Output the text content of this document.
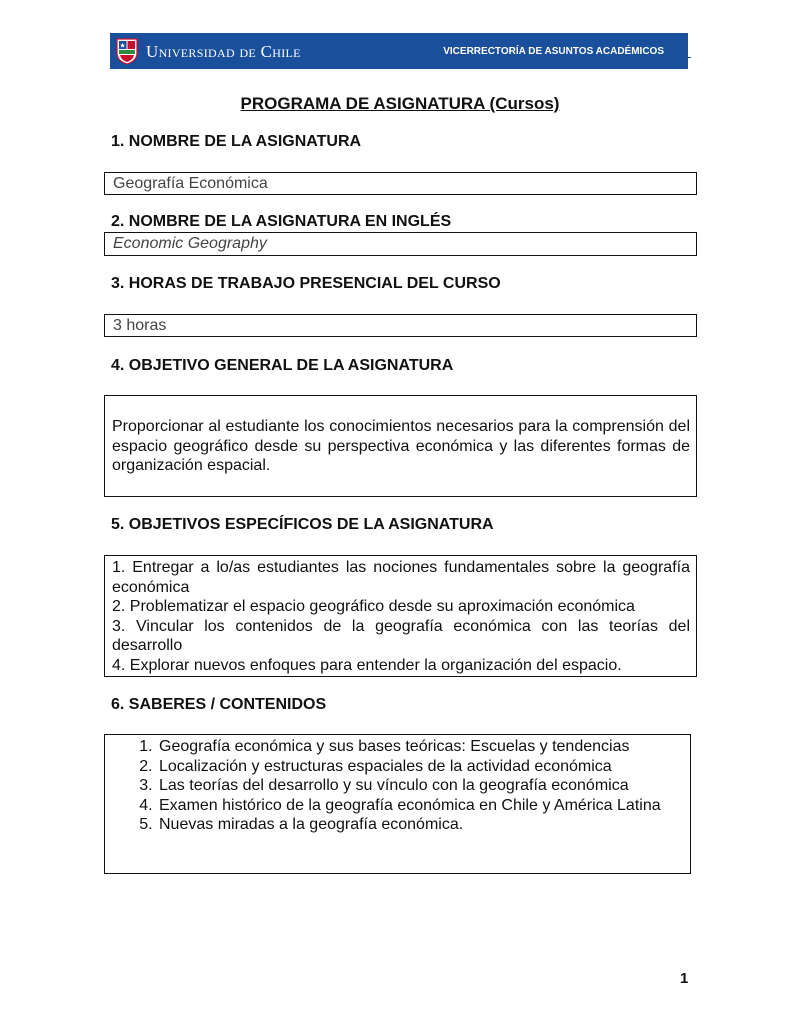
Universidad de Chile	VICERRECTORÍA DE ASUNTOS ACADÉMICOS
PROGRAMA DE ASIGNATURA (Cursos)
1. NOMBRE DE LA ASIGNATURA
Geografía Económica
2. NOMBRE DE LA ASIGNATURA EN INGLÉS
Economic Geography
3. HORAS DE TRABAJO PRESENCIAL DEL CURSO
3 horas
4. OBJETIVO GENERAL DE LA ASIGNATURA
Proporcionar al estudiante los conocimientos necesarios para la comprensión del espacio geográfico desde su perspectiva económica y las diferentes formas de organización espacial.
5. OBJETIVOS ESPECÍFICOS DE LA ASIGNATURA
1. Entregar a lo/as estudiantes las nociones fundamentales sobre la geografía económica
2. Problematizar el espacio geográfico desde su aproximación económica
3. Vincular los contenidos de la geografía económica con las teorías del desarrollo
4. Explorar nuevos enfoques para entender la organización del espacio.
6. SABERES / CONTENIDOS
1. Geografía económica y sus bases teóricas: Escuelas y tendencias
2. Localización y estructuras espaciales de la actividad económica
3. Las teorías del desarrollo y su vínculo con la geografía económica
4. Examen histórico de la geografía económica en Chile y América Latina
5. Nuevas miradas a la geografía económica.
1
